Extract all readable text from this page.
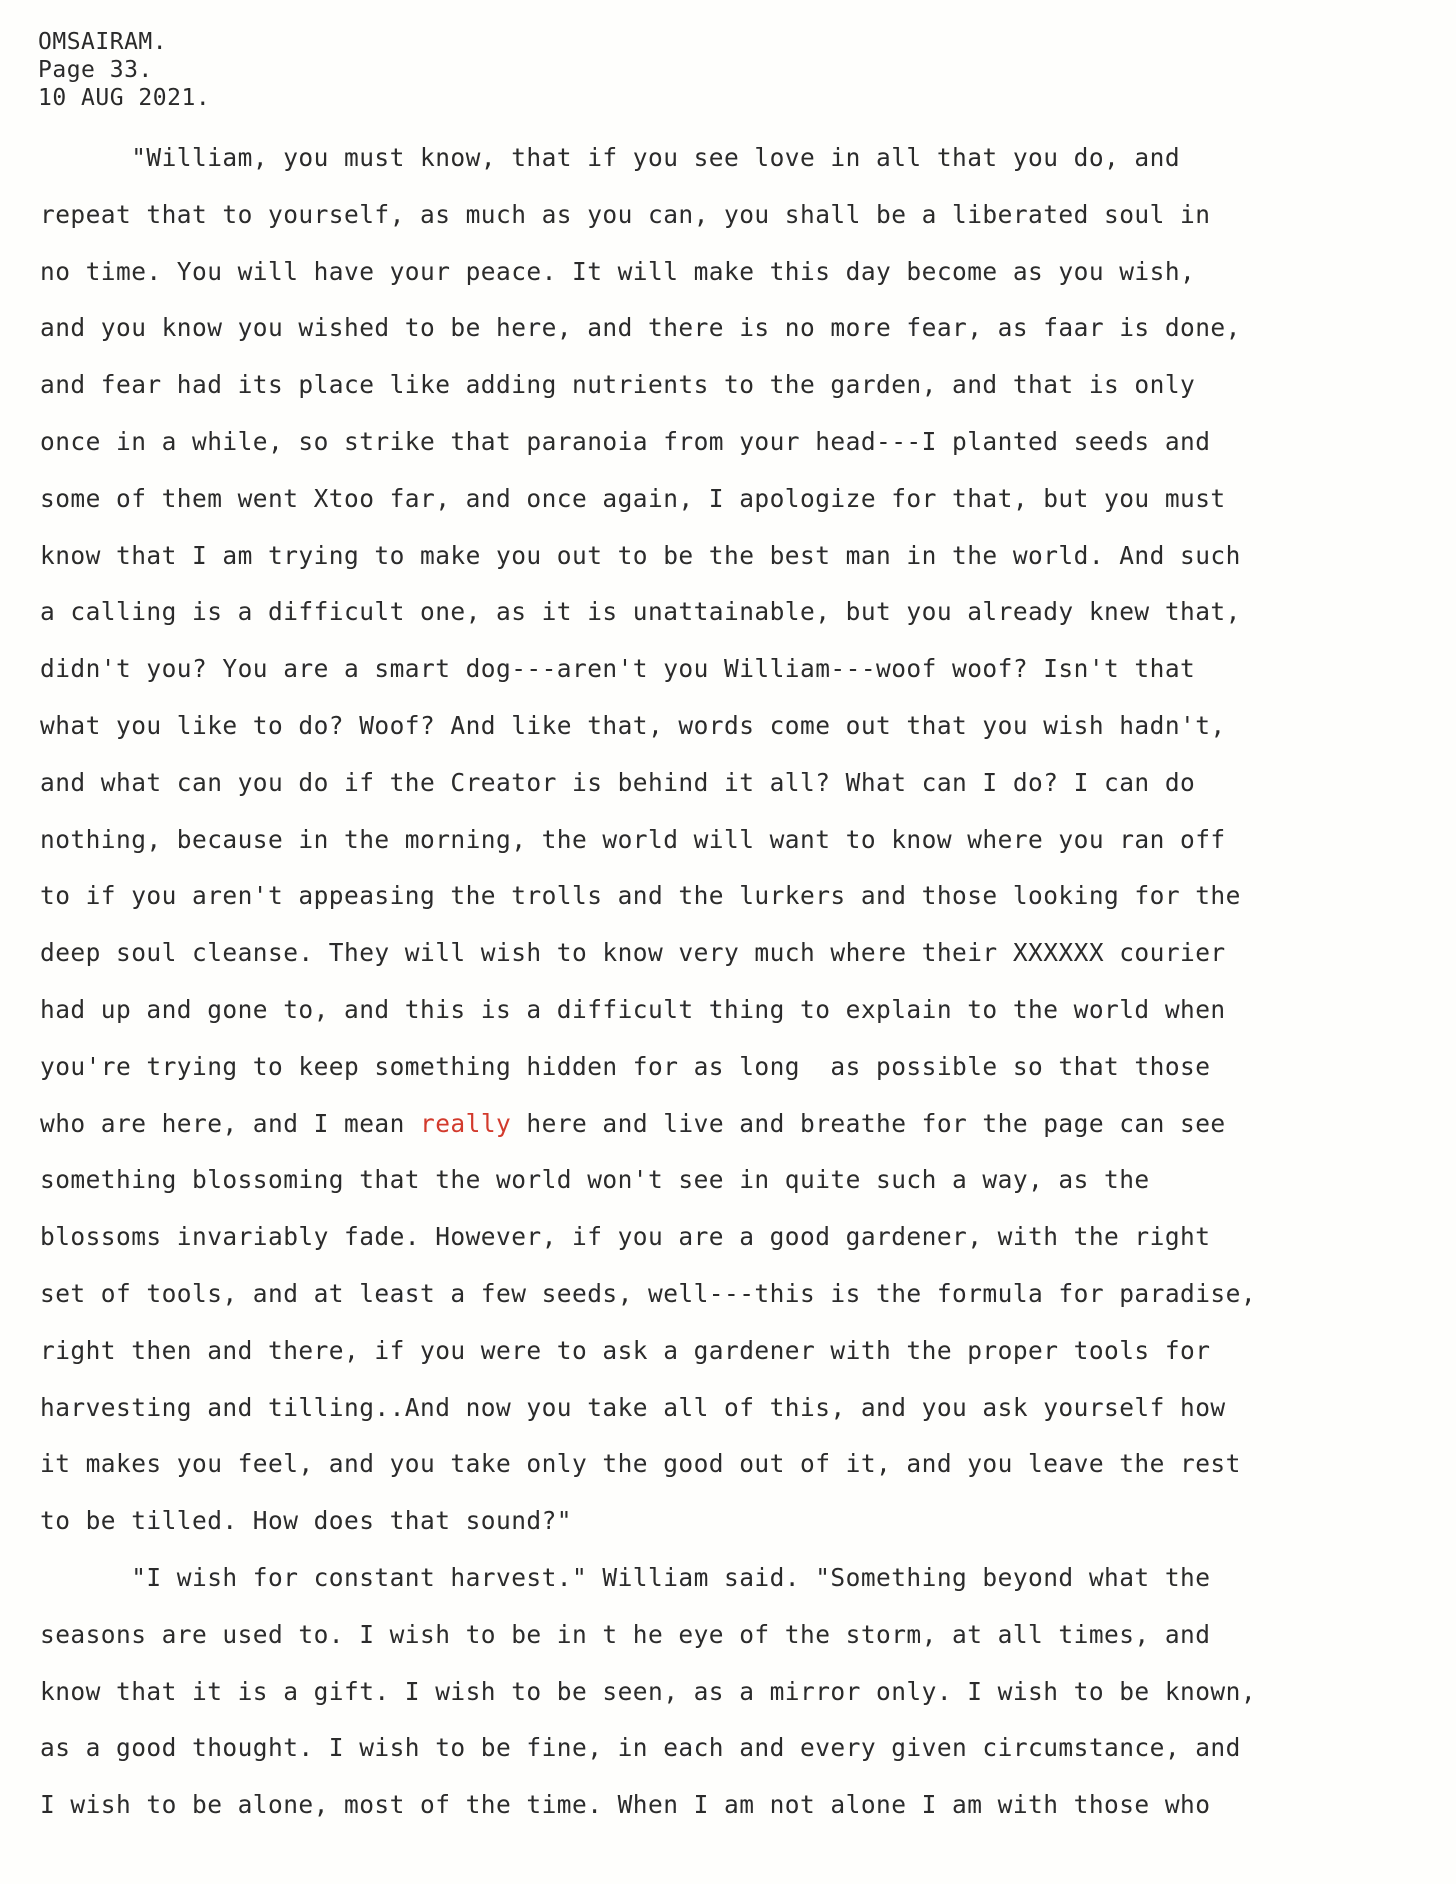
OMSAIRAM.
Page 33.
10 AUG 2021.
"William, you must know, that if you see love in all that you do, and
repeat that to yourself, as much as you can, you shall be a liberated soul in
no time. You will have your peace. It will make this day become as you wish,
and you know you wished to be here, and there is no more fear, as faar is done,
and fear had its place like adding nutrients to the garden, and that is only
once in a while, so strike that paranoia from your head---I planted seeds and
some of them went Xtoo far, and once again, I apologize for that, but you must
know that I am trying to make you out to be the best man in the world. And such
a calling is a difficult one, as it is unattainable, but you already knew that,
didn't you? You are a smart dog---aren't you William---woof woof? Isn't that
what you like to do? Woof? And like that, words come out that you wish hadn't,
and what can you do if the Creator is behind it all? What can I do? I can do
nothing, because in the morning, the world will want to know where you ran off
to if you aren't appeasing the trolls and the lurkers and those looking for the
deep soul cleanse. They will wish to know very much where their XXXXXX courier
had up and gone to, and this is a difficult thing to explain to the world when
you're trying to keep something hidden for as long  as possible so that those
who are here, and I mean really here and live and breathe for the page can see
something blossoming that the world won't see in quite such a way, as the
blossoms invariably fade. However, if you are a good gardener, with the right
set of tools, and at least a few seeds, well---this is the formula for paradise,
right then and there, if you were to ask a gardener with the proper tools for
harvesting and tilling..And now you take all of this, and you ask yourself how
it makes you feel, and you take only the good out of it, and you leave the rest
to be tilled. How does that sound?"
"I wish for constant harvest." William said. "Something beyond what the
seasons are used to. I wish to be in t he eye of the storm, at all times, and
know that it is a gift. I wish to be seen, as a mirror only. I wish to be known,
as a good thought. I wish to be fine, in each and every given circumstance, and
I wish to be alone, most of the time. When I am not alone I am with those who
